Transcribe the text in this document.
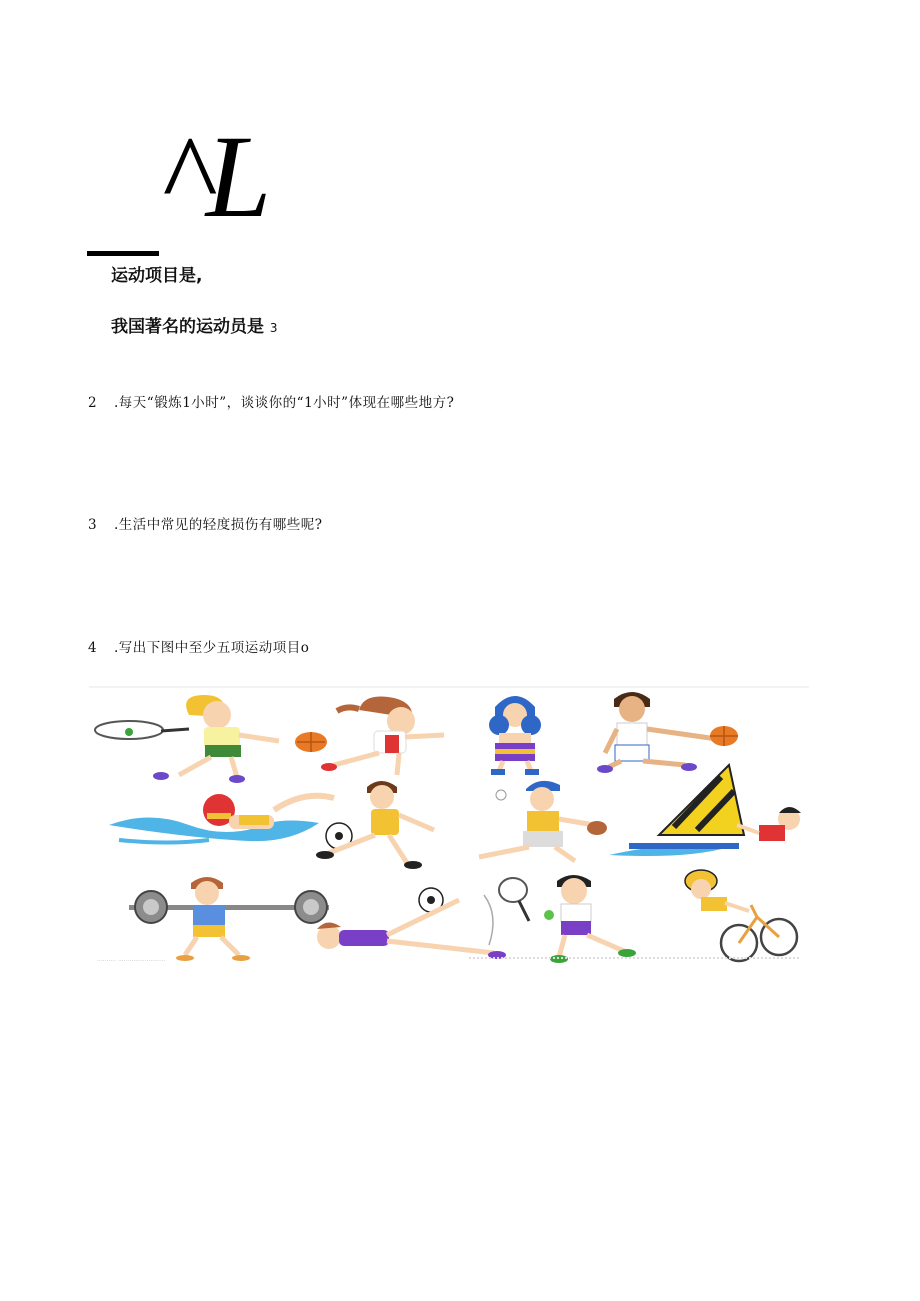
^L
运动项目是,
我国著名的运动员是 3
2 .每天“锻炼1小时”，谈谈你的“1小时”体现在哪些地方?
3 .生活中常见的轻度损伤有哪些呢?
4 .写出下图中至少五项运动项目o
.......... .........................
